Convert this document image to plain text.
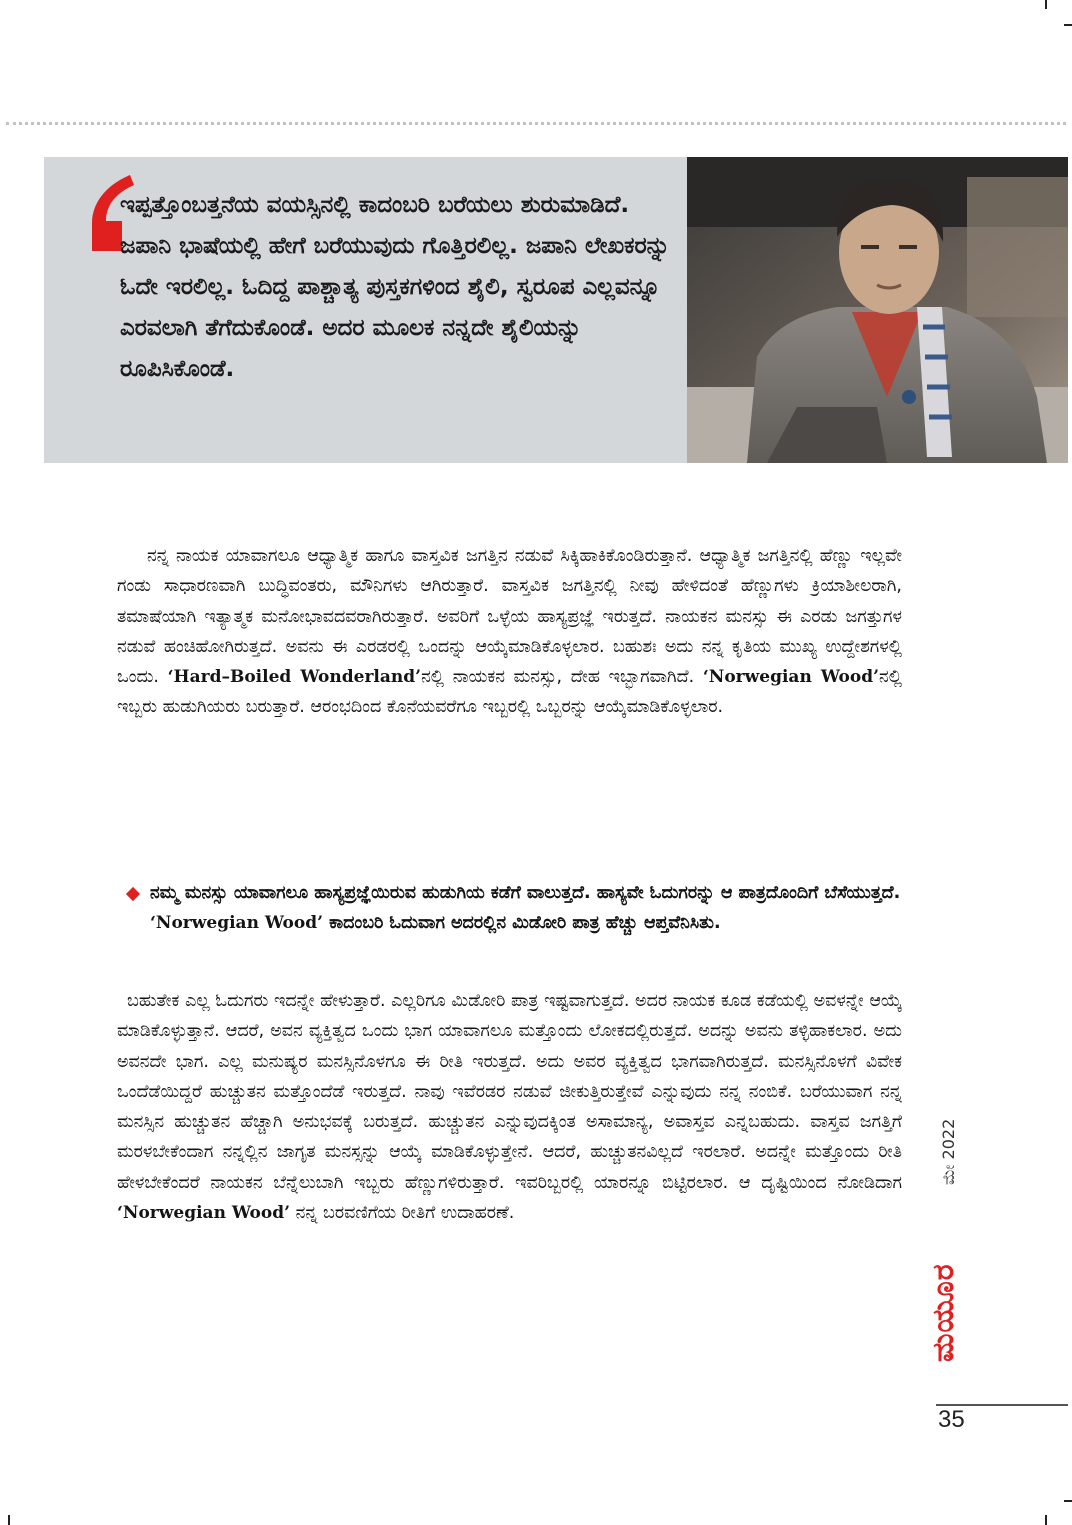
ಇಪ್ಪತ್ತೊಂಬತ್ತನೆಯ ವಯಸ್ಸಿನಲ್ಲಿ ಕಾದಂಬರಿ ಬರೆಯಲು ಶುರುಮಾಡಿದೆ. ಜಪಾನಿ ಭಾಷೆಯಲ್ಲಿ ಹೇಗೆ ಬರೆಯುವುದು ಗೊತ್ತಿರಲಿಲ್ಲ. ಜಪಾನಿ ಲೇಖಕರನ್ನು ಓದೇ ಇರಲಿಲ್ಲ. ಓದಿದ್ದ ಪಾಶ್ಚಾತ್ಯ ಪುಸ್ತಕಗಳಿಂದ ಶೈಲಿ, ಸ್ವರೂಪ ಎಲ್ಲವನ್ನೂ ಎರವಲಾಗಿ ತೆಗೆದುಕೊಂಡೆ. ಅದರ ಮೂಲಕ ನನ್ನದೇ ಶೈಲಿಯನ್ನು ರೂಪಿಸಿಕೊಂಡೆ.

ನನ್ನ ನಾಯಕ ಯಾವಾಗಲೂ ಆಧ್ಯಾತ್ಮಿಕ ಹಾಗೂ ವಾಸ್ತವಿಕ ಜಗತ್ತಿನ ನಡುವೆ ಸಿಕ್ಕಿಹಾಕಿಕೊಂಡಿರುತ್ತಾನೆ. ಆಧ್ಯಾತ್ಮಿಕ ಜಗತ್ತಿನಲ್ಲಿ ಹೆಣ್ಣು ಇಲ್ಲವೇ ಗಂಡು ಸಾಧಾರಣವಾಗಿ ಬುದ್ಧಿವಂತರು, ಮೌನಿಗಳು ಆಗಿರುತ್ತಾರೆ. ವಾಸ್ತವಿಕ ಜಗತ್ತಿನಲ್ಲಿ ನೀವು ಹೇಳಿದಂತೆ ಹೆಣ್ಣುಗಳು ಕ್ರಿಯಾಶೀಲರಾಗಿ, ತಮಾಷೆಯಾಗಿ ಇತ್ಯಾತ್ಮಕ ಮನೋಭಾವದವರಾಗಿರುತ್ತಾರೆ. ಅವರಿಗೆ ಒಳ್ಳೆಯ ಹಾಸ್ಯಪ್ರಜ್ಞೆ ಇರುತ್ತದೆ. ನಾಯಕನ ಮನಸ್ಸು ಈ ಎರಡು ಜಗತ್ತುಗಳ ನಡುವೆ ಹಂಚಿಹೋಗಿರುತ್ತದೆ. ಅವನು ಈ ಎರಡರಲ್ಲಿ ಒಂದನ್ನು ಆಯ್ಕೆಮಾಡಿಕೊಳ್ಳಲಾರ. ಬಹುಶಃ ಅದು ನನ್ನ ಕೃತಿಯ ಮುಖ್ಯ ಉದ್ದೇಶಗಳಲ್ಲಿ ಒಂದು. ‘Hard–Boiled Wonderland’ನಲ್ಲಿ ನಾಯಕನ ಮನಸ್ಸು, ದೇಹ ಇಬ್ಭಾಗವಾಗಿದೆ. ‘Norwegian Wood’ನಲ್ಲಿ ಇಬ್ಬರು ಹುಡುಗಿಯರು ಬರುತ್ತಾರೆ. ಆರಂಭದಿಂದ ಕೊನೆಯವರೆಗೂ ಇಬ್ಬರಲ್ಲಿ ಒಬ್ಬರನ್ನು ಆಯ್ಕೆಮಾಡಿಕೊಳ್ಳಲಾರ.

ನಮ್ಮ ಮನಸ್ಸು ಯಾವಾಗಲೂ ಹಾಸ್ಯಪ್ರಜ್ಞೆಯಿರುವ ಹುಡುಗಿಯ ಕಡೆಗೆ ವಾಲುತ್ತದೆ. ಹಾಸ್ಯವೇ ಓದುಗರನ್ನು ಆ ಪಾತ್ರದೊಂದಿಗೆ ಬೆಸೆಯುತ್ತದೆ. ‘Norwegian Wood’ ಕಾದಂಬರಿ ಓದುವಾಗ ಅದರಲ್ಲಿನ ಮಿಡೋರಿ ಪಾತ್ರ ಹೆಚ್ಚು ಆಪ್ತವೆನಿಸಿತು.

ಬಹುತೇಕ ಎಲ್ಲ ಓದುಗರು ಇದನ್ನೇ ಹೇಳುತ್ತಾರೆ. ಎಲ್ಲರಿಗೂ ಮಿಡೋರಿ ಪಾತ್ರ ಇಷ್ಟವಾಗುತ್ತದೆ. ಅದರ ನಾಯಕ ಕೂಡ ಕಡೆಯಲ್ಲಿ ಅವಳನ್ನೇ ಆಯ್ಕೆ ಮಾಡಿಕೊಳ್ಳುತ್ತಾನೆ. ಆದರೆ, ಅವನ ವ್ಯಕ್ತಿತ್ವದ ಒಂದು ಭಾಗ ಯಾವಾಗಲೂ ಮತ್ತೊಂದು ಲೋಕದಲ್ಲಿರುತ್ತದೆ. ಅದನ್ನು ಅವನು ತಳ್ಳಿಹಾಕಲಾರ. ಅದು ಅವನದೇ ಭಾಗ. ಎಲ್ಲ ಮನುಷ್ಯರ ಮನಸ್ಸಿನೊಳಗೂ ಈ ರೀತಿ ಇರುತ್ತದೆ. ಅದು ಅವರ ವ್ಯಕ್ತಿತ್ವದ ಭಾಗವಾಗಿರುತ್ತದೆ. ಮನಸ್ಸಿನೊಳಗೆ ವಿವೇಕ ಒಂದೆಡೆಯಿದ್ದರೆ ಹುಚ್ಚುತನ ಮತ್ತೊಂದೆಡೆ ಇರುತ್ತದೆ. ನಾವು ಇವೆರಡರ ನಡುವೆ ಜೀಕುತ್ತಿರುತ್ತೇವೆ ಎನ್ನುವುದು ನನ್ನ ನಂಬಿಕೆ. ಬರೆಯುವಾಗ ನನ್ನ ಮನಸ್ಸಿನ ಹುಚ್ಚುತನ ಹೆಚ್ಚಾಗಿ ಅನುಭವಕ್ಕೆ ಬರುತ್ತದೆ. ಹುಚ್ಚುತನ ಎನ್ನುವುದಕ್ಕಿಂತ ಅಸಾಮಾನ್ಯ, ಅವಾಸ್ತವ ಎನ್ನಬಹುದು. ವಾಸ್ತವ ಜಗತ್ತಿಗೆ ಮರಳಬೇಕೆಂದಾಗ ನನ್ನಲ್ಲಿನ ಜಾಗೃತ ಮನಸ್ಸನ್ನು ಆಯ್ಕೆ ಮಾಡಿಕೊಳ್ಳುತ್ತೇನೆ. ಆದರೆ, ಹುಚ್ಚುತನವಿಲ್ಲದೆ ಇರಲಾರೆ. ಅದನ್ನೇ ಮತ್ತೊಂದು ರೀತಿ ಹೇಳಬೇಕೆಂದರೆ ನಾಯಕನ ಬೆನ್ನೆಲುಬಾಗಿ ಇಬ್ಬರು ಹೆಣ್ಣುಗಳಿರುತ್ತಾರೆ. ಇವರಿಬ್ಬರಲ್ಲಿ ಯಾರನ್ನೂ ಬಿಟ್ಟಿರಲಾರ. ಆ ದೃಷ್ಟಿಯಿಂದ ನೋಡಿದಾಗ ‘Norwegian Wood’ ನನ್ನ ಬರವಣಿಗೆಯ ರೀತಿಗೆ ಉದಾಹರಣೆ.

ಮೇ 2022
ಮಯೂರ
35
